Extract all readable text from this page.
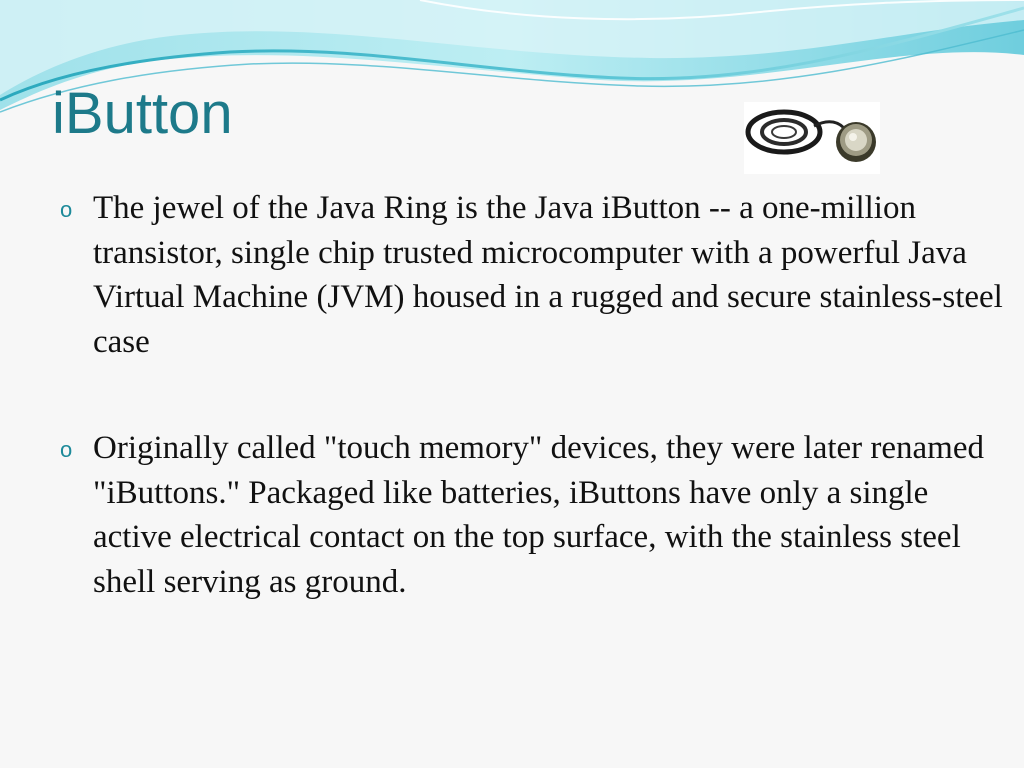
iButton
o The jewel of the Java Ring is the Java iButton -- a one-million transistor, single chip trusted microcomputer with a powerful Java Virtual Machine (JVM) housed in a rugged and secure stainless-steel case
o Originally called "touch memory" devices, they were later renamed "iButtons." Packaged like batteries, iButtons have only a single active electrical contact on the top surface, with the stainless steel shell serving as ground.
